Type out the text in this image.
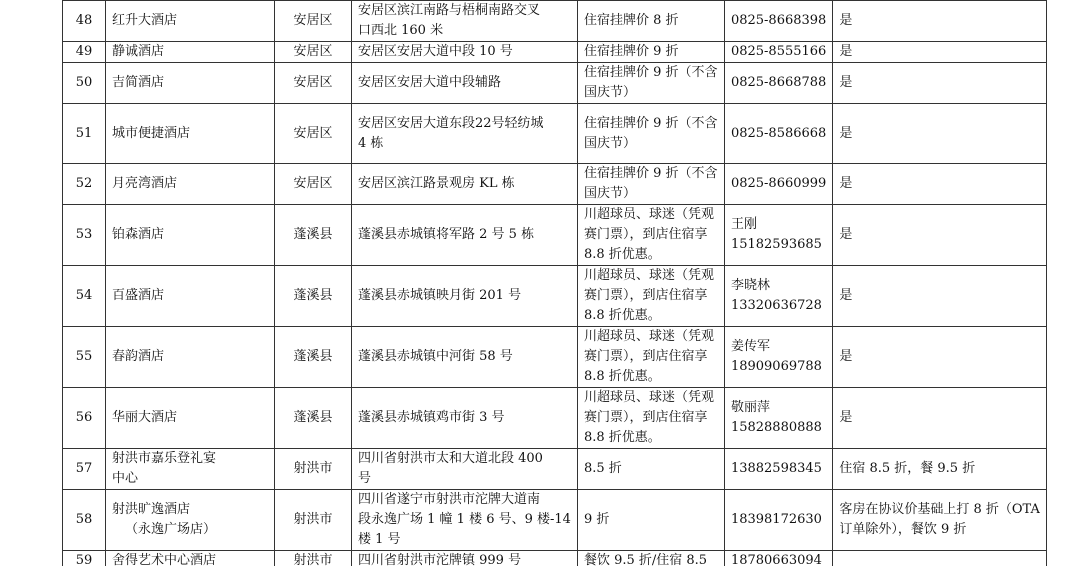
48	红升大酒店	安居区	安居区滨江南路与梧桐南路交叉
口西北 160 米	住宿挂牌价 8 折	0825-8668398	是

49	静诚酒店	安居区	安居区安居大道中段 10 号	住宿挂牌价 9 折	0825-8555166	是

50	吉简酒店	安居区	安居区安居大道中段辅路	住宿挂牌价 9 折（不含
国庆节）	0825-8668788	是

51	城市便捷酒店	安居区	安居区安居大道东段22号轻纺城
4 栋	住宿挂牌价 9 折（不含
国庆节）	0825-8586668	是

52	月亮湾酒店	安居区	安居区滨江路景观房 KL 栋	住宿挂牌价 9 折（不含
国庆节）	0825-8660999	是

53	铂森酒店	蓬溪县	蓬溪县赤城镇将军路 2 号 5 栋	川超球员、球迷（凭观
赛门票），到店住宿享
8.8 折优惠。	王刚
15182593685	是

54	百盛酒店	蓬溪县	蓬溪县赤城镇映月街 201 号	川超球员、球迷（凭观
赛门票），到店住宿享
8.8 折优惠。	李晓林
13320636728	是

55	春韵酒店	蓬溪县	蓬溪县赤城镇中河街 58 号	川超球员、球迷（凭观
赛门票），到店住宿享
8.8 折优惠。	姜传军
18909069788	是

56	华丽大酒店	蓬溪县	蓬溪县赤城镇鸡市街 3 号	川超球员、球迷（凭观
赛门票），到店住宿享
8.8 折优惠。	敬丽萍
15828880888	是

57	射洪市嘉乐登礼宴
中心	射洪市	四川省射洪市太和大道北段 400
号	8.5 折	13882598345	住宿 8.5 折，餐 9.5 折

58	射洪旷逸酒店
（永逸广场店）	射洪市	四川省遂宁市射洪市沱牌大道南
段永逸广场 1 幢 1 楼 6 号、9 楼-14
楼 1 号	9 折	18398172630	客房在协议价基础上打 8 折（OTA
订单除外），餐饮 9 折

59	舍得艺术中心酒店	射洪市	四川省射洪市沱牌镇 999 号	餐饮 9.5 折/住宿 8.5	18780663094	
